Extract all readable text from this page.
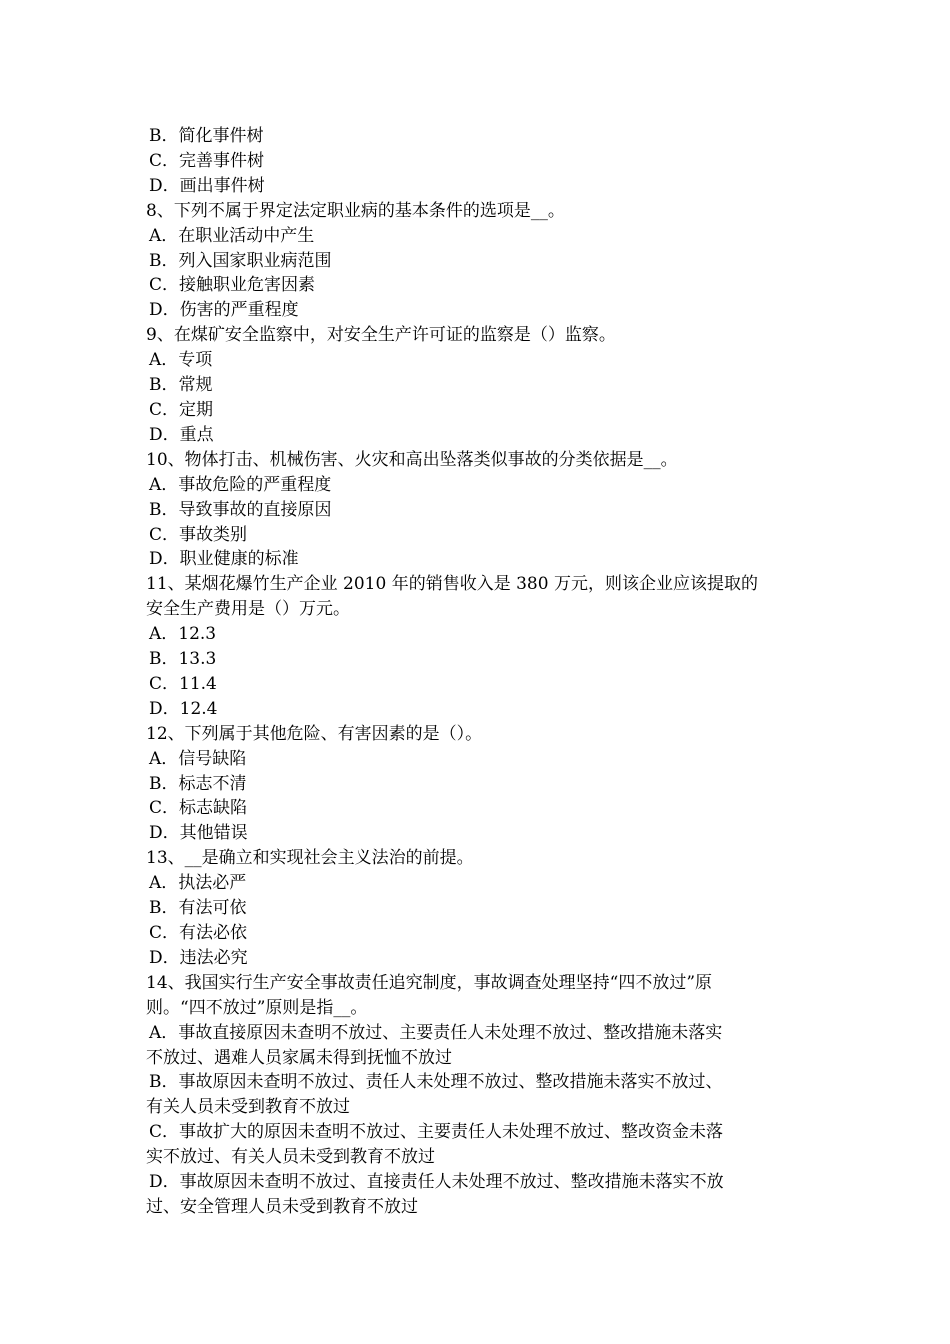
B．简化事件树
C．完善事件树
D．画出事件树
8、下列不属于界定法定职业病的基本条件的选项是__。
A．在职业活动中产生
B．列入国家职业病范围
C．接触职业危害因素
D．伤害的严重程度
9、在煤矿安全监察中，对安全生产许可证的监察是（）监察。
A．专项
B．常规
C．定期
D．重点
10、物体打击、机械伤害、火灾和高出坠落类似事故的分类依据是__。
A．事故危险的严重程度
B．导致事故的直接原因
C．事故类别
D．职业健康的标准
11、某烟花爆竹生产企业 2010 年的销售收入是 380 万元，则该企业应该提取的
安全生产费用是（）万元。
A．12.3
B．13.3
C．11.4
D．12.4
12、下列属于其他危险、有害因素的是（）。
A．信号缺陷
B．标志不清
C．标志缺陷
D．其他错误
13、__是确立和实现社会主义法治的前提。
A．执法必严
B．有法可依
C．有法必依
D．违法必究
14、我国实行生产安全事故责任追究制度，事故调查处理坚持“四不放过”原
则。“四不放过”原则是指__。
A．事故直接原因未查明不放过、主要责任人未处理不放过、整改措施未落实
不放过、遇难人员家属未得到抚恤不放过
B．事故原因未查明不放过、责任人未处理不放过、整改措施未落实不放过、
有关人员未受到教育不放过
C．事故扩大的原因未查明不放过、主要责任人未处理不放过、整改资金未落
实不放过、有关人员未受到教育不放过
D．事故原因未查明不放过、直接责任人未处理不放过、整改措施未落实不放
过、安全管理人员未受到教育不放过
